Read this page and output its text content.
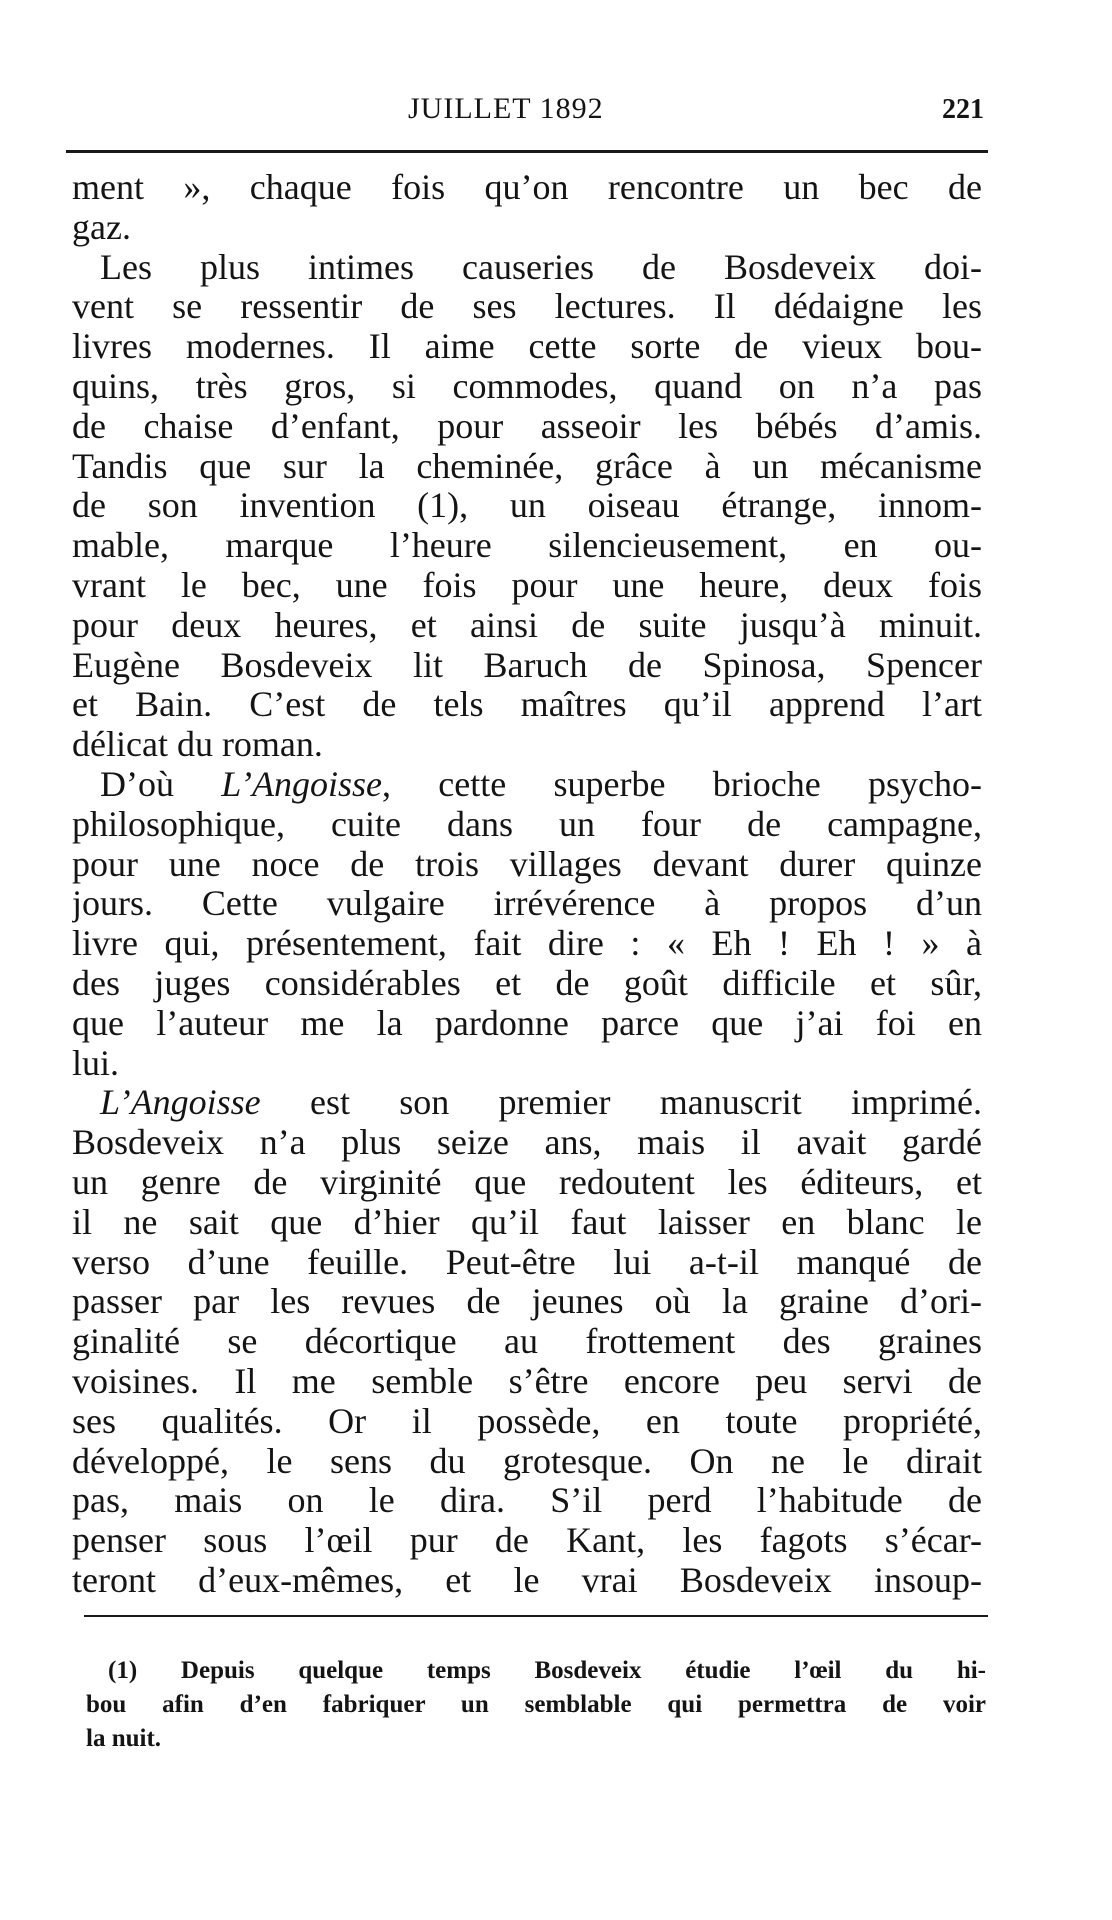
JUILLET 1892	221
ment », chaque fois qu’on rencontre un bec de
gaz.
Les plus intimes causeries de Bosdeveix doi-
vent se ressentir de ses lectures. Il dédaigne les
livres modernes. Il aime cette sorte de vieux bou-
quins, très gros, si commodes, quand on n’a pas
de chaise d’enfant, pour asseoir les bébés d’amis.
Tandis que sur la cheminée, grâce à un mécanisme
de son invention (1), un oiseau étrange, innom-
mable, marque l’heure silencieusement, en ou-
vrant le bec, une fois pour une heure, deux fois
pour deux heures, et ainsi de suite jusqu’à minuit.
Eugène Bosdeveix lit Baruch de Spinosa, Spencer
et Bain. C’est de tels maîtres qu’il apprend l’art
délicat du roman.
D’où L’Angoisse, cette superbe brioche psycho-
philosophique, cuite dans un four de campagne,
pour une noce de trois villages devant durer quinze
jours. Cette vulgaire irrévérence à propos d’un
livre qui, présentement, fait dire : « Eh ! Eh ! » à
des juges considérables et de goût difficile et sûr,
que l’auteur me la pardonne parce que j’ai foi en
lui.
L’Angoisse est son premier manuscrit imprimé.
Bosdeveix n’a plus seize ans, mais il avait gardé
un genre de virginité que redoutent les éditeurs, et
il ne sait que d’hier qu’il faut laisser en blanc le
verso d’une feuille. Peut-être lui a-t-il manqué de
passer par les revues de jeunes où la graine d’ori-
ginalité se décortique au frottement des graines
voisines. Il me semble s’être encore peu servi de
ses qualités. Or il possède, en toute propriété,
développé, le sens du grotesque. On ne le dirait
pas, mais on le dira. S’il perd l’habitude de
penser sous l’œil pur de Kant, les fagots s’écar-
teront d’eux-mêmes, et le vrai Bosdeveix insoup-
(1) Depuis quelque temps Bosdeveix étudie l’œil du hi-
bou afin d’en fabriquer un semblable qui permettra de voir
la nuit.
